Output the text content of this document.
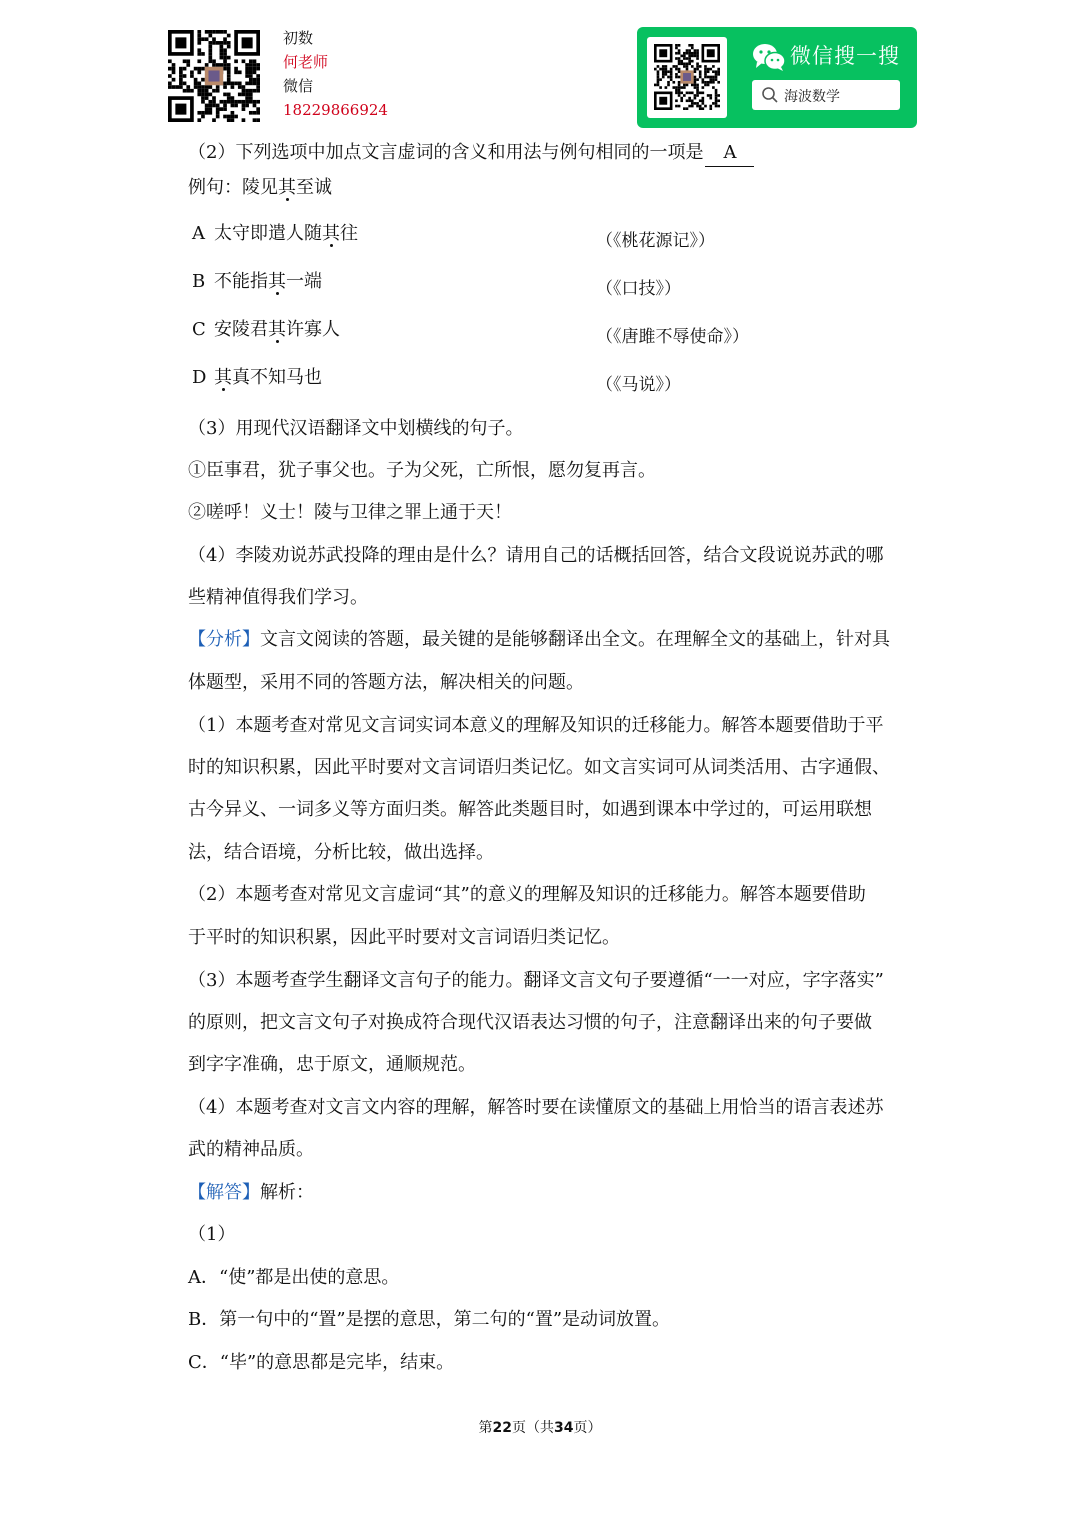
初数
何老师
微信
18229866924
微信搜一搜
海波数学
（2）下列选项中加点文言虚词的含义和用法与例句相同的一项是 A
例句：陵见其至诚
A 太守即遣人随其往	（《桃花源记》）
B 不能指其一端	（《口技》）
C 安陵君其许寡人	（《唐雎不辱使命》）
D 其真不知马也	（《马说》）
（3）用现代汉语翻译文中划横线的句子。
①臣事君，犹子事父也。子为父死，亡所恨，愿勿复再言。
②嗟呼！义士！陵与卫律之罪上通于天！
（4）李陵劝说苏武投降的理由是什么？请用自己的话概括回答，结合文段说说苏武的哪
些精神值得我们学习。
【分析】文言文阅读的答题，最关键的是能够翻译出全文。在理解全文的基础上，针对具
体题型，采用不同的答题方法，解决相关的问题。
（1）本题考查对常见文言词实词本意义的理解及知识的迁移能力。解答本题要借助于平
时的知识积累，因此平时要对文言词语归类记忆。如文言实词可从词类活用、古字通假、
古今异义、一词多义等方面归类。解答此类题目时，如遇到课本中学过的，可运用联想
法，结合语境，分析比较，做出选择。
（2）本题考查对常见文言虚词“其”的意义的理解及知识的迁移能力。解答本题要借助
于平时的知识积累，因此平时要对文言词语归类记忆。
（3）本题考查学生翻译文言句子的能力。翻译文言文句子要遵循“一一对应，字字落实”
的原则，把文言文句子对换成符合现代汉语表达习惯的句子，注意翻译出来的句子要做
到字字准确，忠于原文，通顺规范。
（4）本题考查对文言文内容的理解，解答时要在读懂原文的基础上用恰当的语言表述苏
武的精神品质。
【解答】解析：
（1）
A．“使”都是出使的意思。
B．第一句中的“置”是摆的意思，第二句的“置”是动词放置。
C．“毕”的意思都是完毕，结束。
第22页（共34页）
